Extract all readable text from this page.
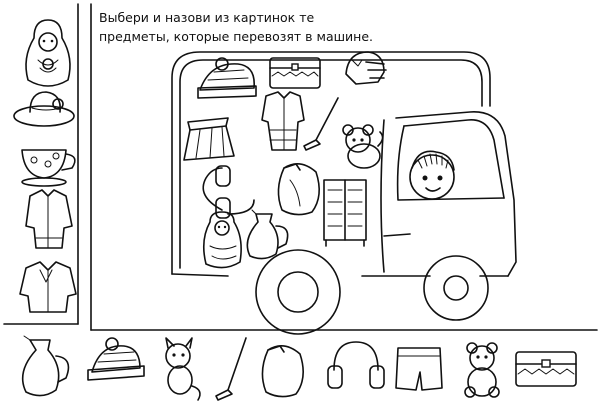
Выбери и назови из картинок те
предметы, которые перевозят в машине.
